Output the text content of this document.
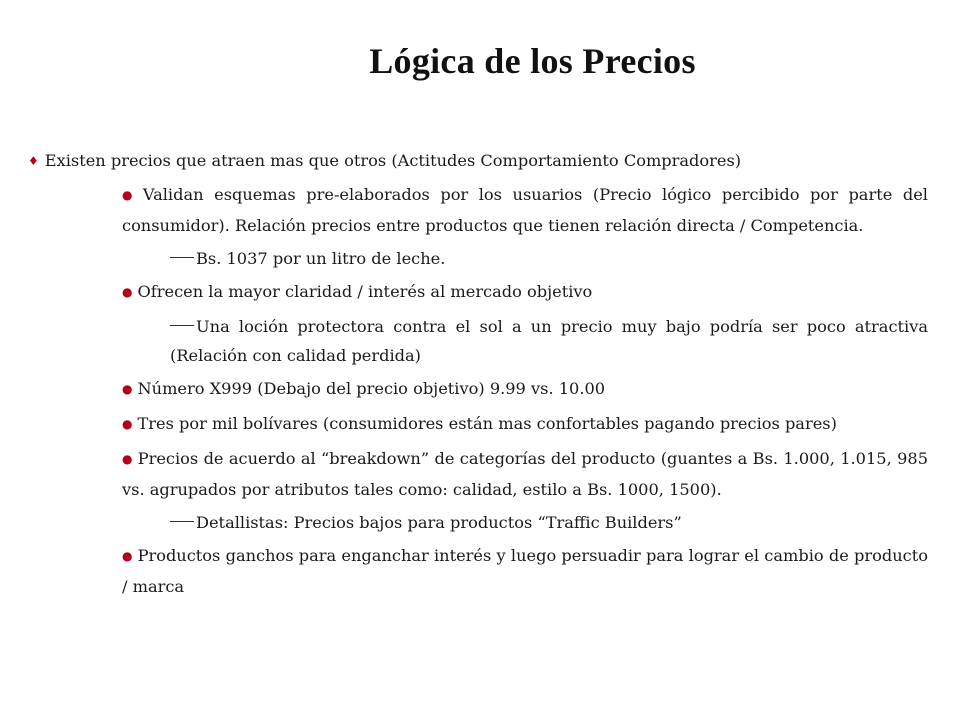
Lógica de los Precios
♦ Existen precios que atraen mas que otros (Actitudes Comportamiento Compradores)
● Validan esquemas pre-elaborados por los usuarios (Precio lógico percibido por parte del consumidor). Relación precios entre productos que tienen relación directa / Competencia.
Bs. 1037 por un litro de leche.
● Ofrecen la mayor claridad / interés al mercado objetivo
Una loción protectora contra el sol a un precio muy bajo podría ser poco atractiva (Relación con calidad perdida)
● Número X999 (Debajo del precio objetivo) 9.99 vs. 10.00
● Tres por mil bolívares (consumidores están mas confortables pagando precios pares)
● Precios de acuerdo al “breakdown” de categorías del producto (guantes a Bs. 1.000, 1.015, 985 vs. agrupados por atributos tales como: calidad, estilo a Bs. 1000, 1500).
Detallistas: Precios bajos para productos “Traffic Builders”
● Productos ganchos para enganchar interés y luego persuadir para lograr el cambio de producto / marca
